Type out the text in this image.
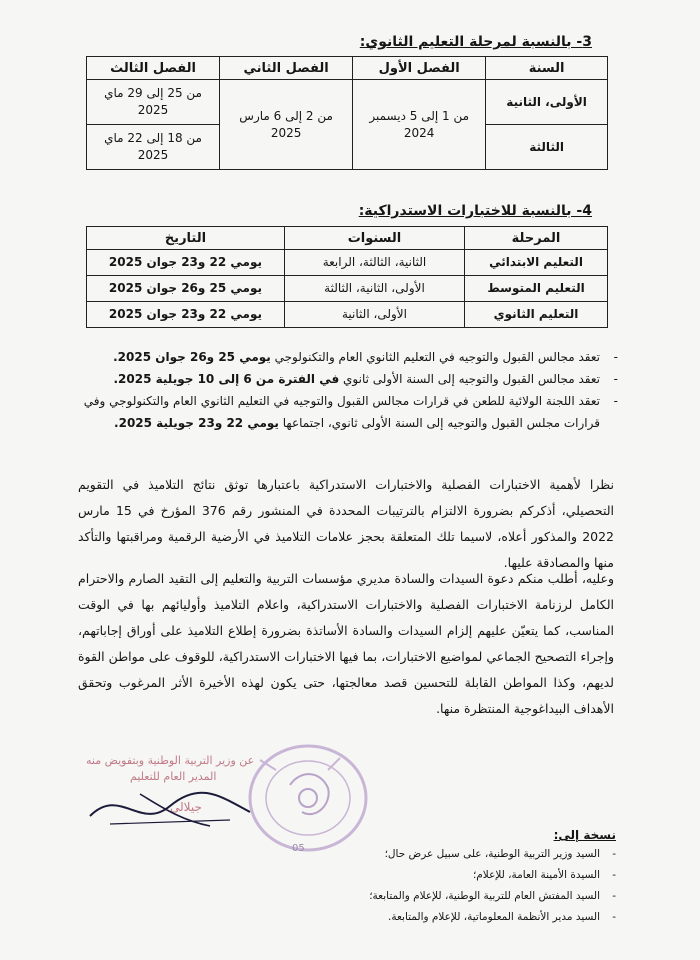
3- بالنسبة لمرحلة التعليم الثانوي:
السنة	الفصل الأول	الفصل الثاني	الفصل الثالث
الأولى، الثانية	من 1 إلى 5 ديسمبر 2024	من 2 إلى 6 مارس 2025	من 25 إلى 29 ماي 2025
الثالثة			من 18 إلى 22 ماي 2025
4- بالنسبة للاختبارات الاستدراكية:
المرحلة	السنوات	التاريخ
التعليم الابتدائي	الثانية، الثالثة، الرابعة	يومي 22 و23 جوان 2025
التعليم المتوسط	الأولى، الثانية، الثالثة	يومي 25 و26 جوان 2025
التعليم الثانوي	الأولى، الثانية	يومي 22 و23 جوان 2025
- تعقد مجالس القبول والتوجيه في التعليم الثانوي العام والتكنولوجي يومي 25 و26 جوان 2025.
- تعقد مجالس القبول والتوجيه إلى السنة الأولى ثانوي في الفترة من 6 إلى 10 جويلية 2025.
- تعقد اللجنة الولائية للطعن في قرارات مجالس القبول والتوجيه في التعليم الثانوي العام والتكنولوجي وفي قرارات مجلس القبول والتوجيه إلى السنة الأولى ثانوي، اجتماعها يومي 22 و23 جويلية 2025.

نظرا لأهمية الاختبارات الفصلية والاختبارات الاستدراكية باعتبارها توثق نتائج التلاميذ في التقويم التحصيلي، أذكركم بضرورة الالتزام بالترتيبات المحددة في المنشور رقم 376 المؤرخ في 15 مارس 2022 والمذكور أعلاه، لاسيما تلك المتعلقة بحجز علامات التلاميذ في الأرضية الرقمية ومراقبتها والتأكد منها والمصادقة عليها.

وعليه، أطلب منكم دعوة السيدات والسادة مديري مؤسسات التربية والتعليم إلى التقيد الصارم والاحترام الكامل لرزنامة الاختبارات الفصلية والاختبارات الاستدراكية، واعلام التلاميذ وأوليائهم بها في الوقت المناسب، كما يتعيّن عليهم إلزام السيدات والسادة الأساتذة بضرورة إطلاع التلاميذ على أوراق إجاباتهم، وإجراء التصحيح الجماعي لمواضيع الاختبارات، بما فيها الاختبارات الاستدراكية، للوقوف على مواطن القوة لديهم، وكذا المواطن القابلة للتحسين قصد معالجتها، حتى يكون لهذه الأخيرة الأثر المرغوب وتحقق الأهداف البيداغوجية المنتظرة منها.

عن وزير التربية الوطنية وبتفويض منه
المدير العام للتعليم
جيلالي
05
نسخة إلى:
- السيد وزير التربية الوطنية، على سبيل عرض حال؛
- السيدة الأمينة العامة، للإعلام؛
- السيد المفتش العام للتربية الوطنية، للإعلام والمتابعة؛
- السيد مدير الأنظمة المعلوماتية، للإعلام والمتابعة.
